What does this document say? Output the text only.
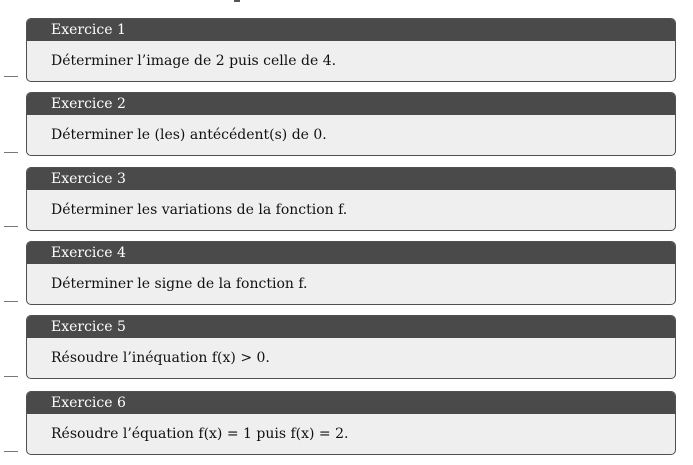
Exercice 1
Déterminer l’image de 2 puis celle de 4.
Exercice 2
Déterminer le (les) antécédent(s) de 0.
Exercice 3
Déterminer les variations de la fonction f.
Exercice 4
Déterminer le signe de la fonction f.
Exercice 5
Résoudre l’inéquation f(x) > 0.
Exercice 6
Résoudre l’équation f(x) = 1 puis f(x) = 2.
